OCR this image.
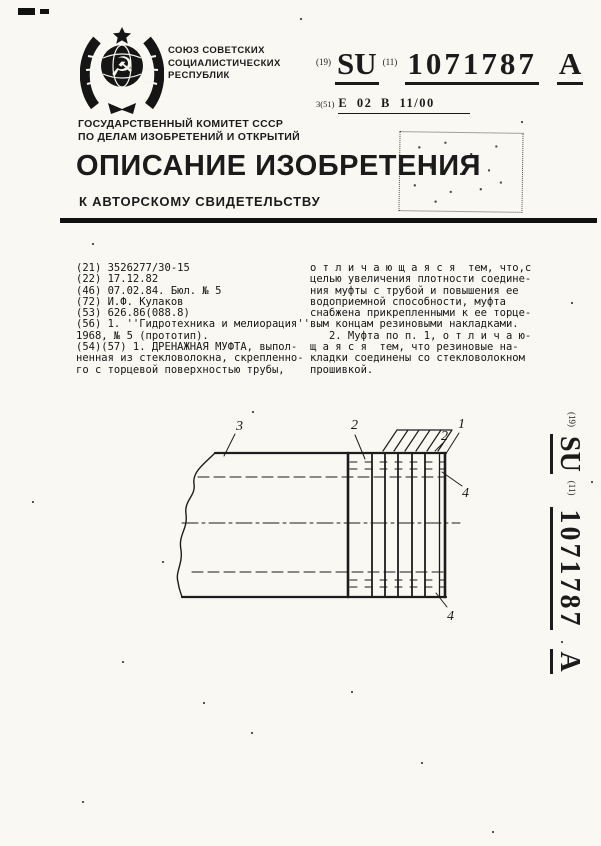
☭
СОЮЗ СОВЕТСКИХ
СОЦИАЛИСТИЧЕСКИХ
РЕСПУБЛИК
$^{(19)}$ SU $^{(11)}$ 1071787 A
3(51) E 02 B 11/00
ГОСУДАРСТВЕННЫЙ КОМИТЕТ СССР
ПО ДЕЛАМ ИЗОБРЕТЕНИЙ И ОТКРЫТИЙ
ОПИСАНИЕ ИЗОБРЕТЕНИЯ
К АВТОРСКОМУ СВИДЕТЕЛЬСТВУ
(21) 3526277/30-15
(22) 17.12.82
(46) 07.02.84. Бюл. № 5
(72) И.Ф. Кулаков
(53) 626.86(088.8)
(56) 1. ''Гидротехника и мелиорация''
1968, № 5 (прототип).
(54)(57) 1. ДРЕНАЖНАЯ МУФТА, выпол-
ненная из стекловолокна, скрепленно-
го с торцевой поверхностью трубы,
о т л и ч а ю щ а я с я  тем, что,с
целью увеличения плотности соедине-
ния муфты с трубой и повышения ее
водоприемной способности, муфта
снабжена прикрепленными к ее торце-
вым концам резиновыми накладками.
2. Муфта по п. 1, о т л и ч а ю-
щ а я с я  тем, что резиновые на-
кладки соединены со стекловолокном
прошивкой.
3	2
2
1
4
4
$^{(19)}$ SU $^{(11)}$ 1071787 A
